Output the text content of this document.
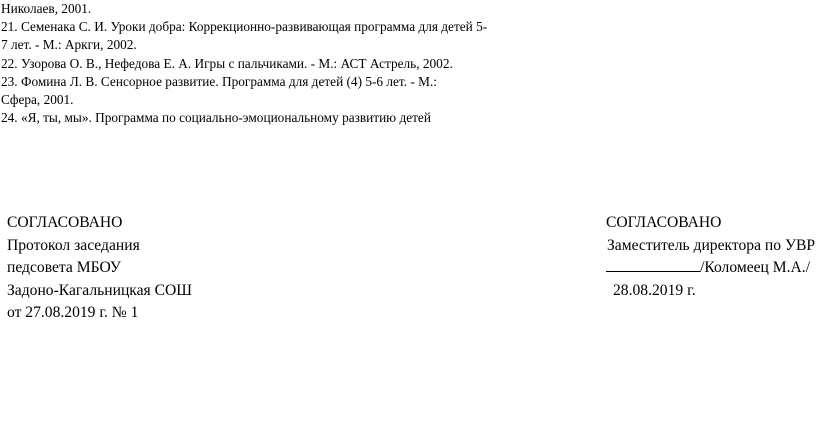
Николаев, 2001.
21. Семенака С. И. Уроки добра: Коррекционно-развивающая программа для детей 5-
7 лет. - М.: Аркги, 2002.
22. Узорова О. В., Нефедова Е. А. Игры с пальчиками. - М.: АСТ Астрель, 2002.
23. Фомина Л. В. Сенсорное развитие. Программа для детей (4) 5-6 лет. - М.:
Сфера, 2001.
24. «Я, ты, мы». Программа по социально-эмоциональному развитию детей
СОГЛАСОВАНО
Протокол заседания
педсовета МБОУ
Задоно-Кагальницкая СОШ
от 27.08.2019 г. № 1
СОГЛАСОВАНО
Заместитель директора по УВР
/Коломеец М.А./
28.08.2019 г.
